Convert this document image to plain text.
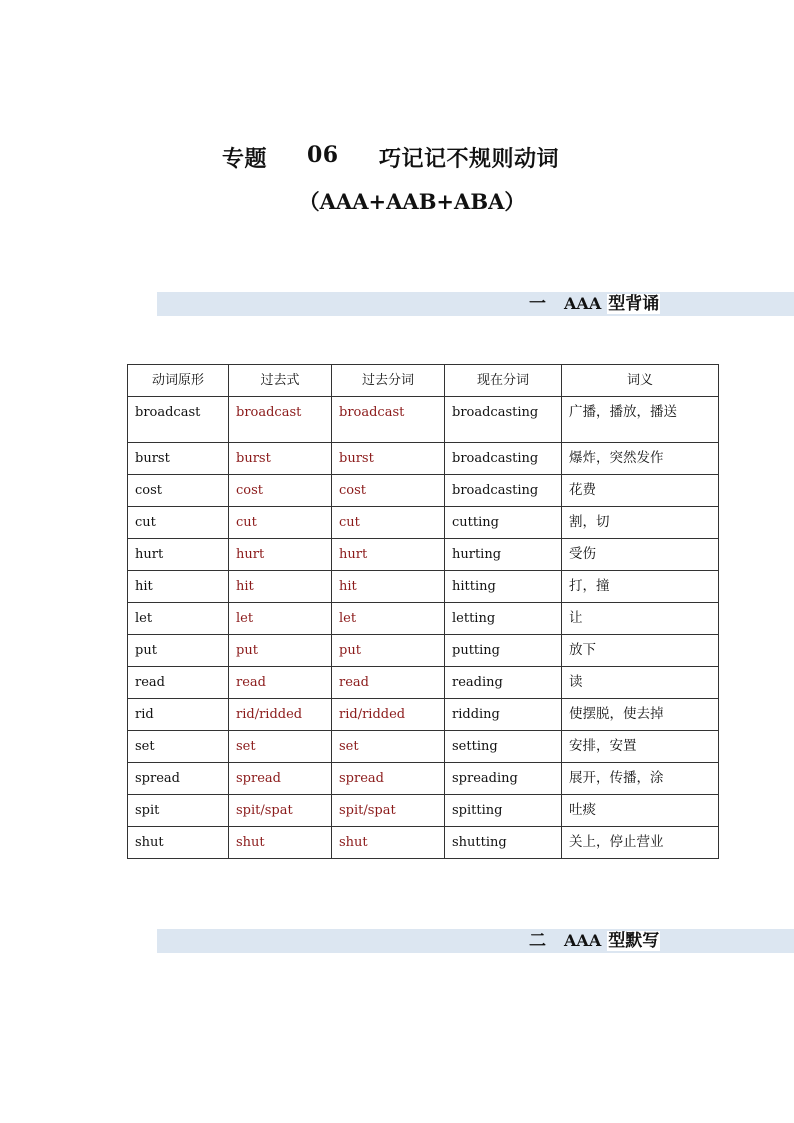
专题 06 巧记记不规则动词
（AAA+AAB+ABA）
一 AAA 型背诵
动词原形	过去式	过去分词	现在分词	词义
broadcast	broadcast	broadcast	broadcasting	广播，播放，播送
burst	burst	burst	broadcasting	爆炸，突然发作
cost	cost	cost	broadcasting	花费
cut	cut	cut	cutting	割，切
hurt	hurt	hurt	hurting	受伤
hit	hit	hit	hitting	打，撞
let	let	let	letting	让
put	put	put	putting	放下
read	read	read	reading	读
rid	rid/ridded	rid/ridded	ridding	使摆脱，使去掉
set	set	set	setting	安排，安置
spread	spread	spread	spreading	展开，传播，涂
spit	spit/spat	spit/spat	spitting	吐痰
shut	shut	shut	shutting	关上，停止营业
二 AAA 型默写
